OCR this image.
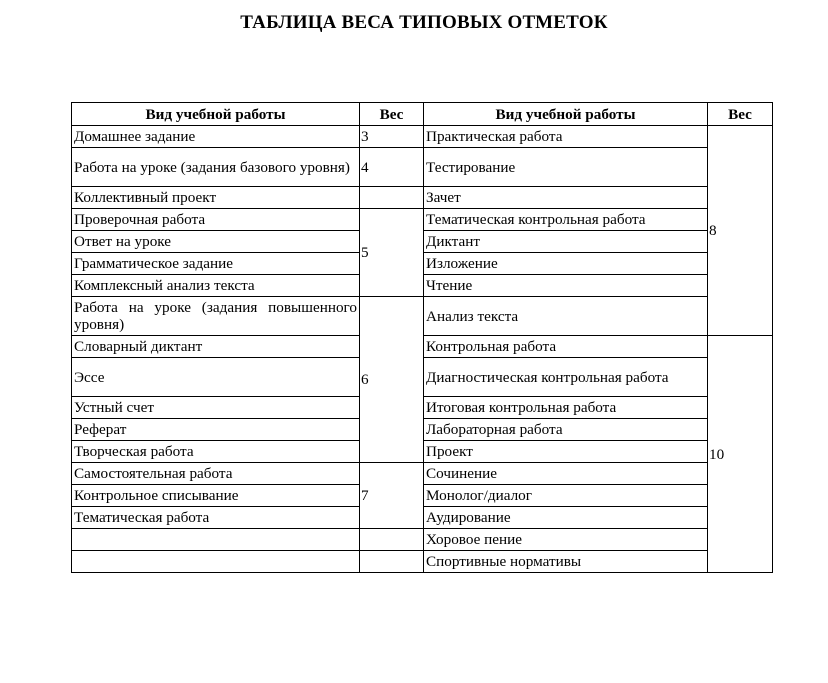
ТАБЛИЦА ВЕСА ТИПОВЫХ ОТМЕТОК
Вид учебной работы	Вес	Вид учебной работы	Вес
Домашнее задание	3	Практическая работа	8
Работа на уроке (задания базового уровня)	4	Тестирование	
Коллективный проект		Зачет	
Проверочная работа	5	Тематическая контрольная работа	
Ответ на уроке		Диктант	
Грамматическое задание		Изложение	
Комплексный анализ текста		Чтение	
Работа на уроке (задания повышенного уровня)	6	Анализ текста	
Словарный диктант		Контрольная работа	10
Эссе		Диагностическая контрольная работа	
Устный счет		Итоговая контрольная работа	
Реферат		Лабораторная работа	
Творческая работа		Проект	
Самостоятельная работа	7	Сочинение	
Контрольное списывание		Монолог/диалог	
Тематическая работа		Аудирование	
		Хоровое пение	
		Спортивные нормативы	
